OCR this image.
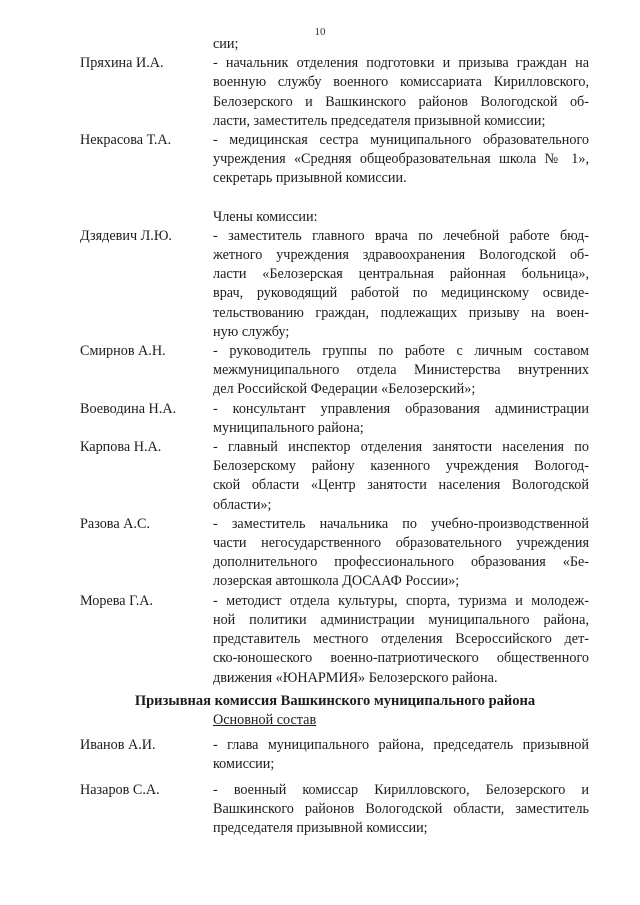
10
сии;
Пряхина И.А.	- начальник отделения подготовки и призыва граждан на
военную службу военного комиссариата Кирилловского,
Белозерского и Вашкинского районов Вологодской об-
ласти, заместитель председателя призывной комиссии;
Некрасова Т.А.	- медицинская сестра муниципального образовательного
учреждения «Средняя общеобразовательная школа № 1»,
секретарь призывной комиссии.
Члены комиссии:
Дзядевич Л.Ю.	- заместитель главного врача по лечебной работе бюд-
жетного учреждения здравоохранения Вологодской об-
ласти «Белозерская центральная районная больница»,
врач, руководящий работой по медицинскому освиде-
тельствованию граждан, подлежащих призыву на воен-
ную службу;
Смирнов А.Н.	- руководитель группы по работе с личным составом
межмуниципального отдела Министерства внутренних
дел Российской Федерации «Белозерский»;
Воеводина Н.А.	- консультант управления образования администрации
муниципального района;
Карпова Н.А.	- главный инспектор отделения занятости населения по
Белозерскому району казенного учреждения Вологод-
ской области «Центр занятости населения Вологодской
области»;
Разова А.С.	- заместитель начальника по учебно-производственной
части негосударственного образовательного учреждения
дополнительного профессионального образования «Бе-
лозерская автошкола ДОСААФ России»;
Морева Г.А.	- методист отдела культуры, спорта, туризма и молодеж-
ной политики администрации муниципального района,
представитель местного отделения Всероссийского дет-
ско-юношеского военно-патриотического общественного
движения «ЮНАРМИЯ» Белозерского района.
Призывная комиссия Вашкинского муниципального района
Основной состав
Иванов А.И.	- глава муниципального района, председатель призывной
комиссии;
Назаров С.А.	- военный комиссар Кирилловского, Белозерского и
Вашкинского районов Вологодской области, заместитель
председателя призывной комиссии;
